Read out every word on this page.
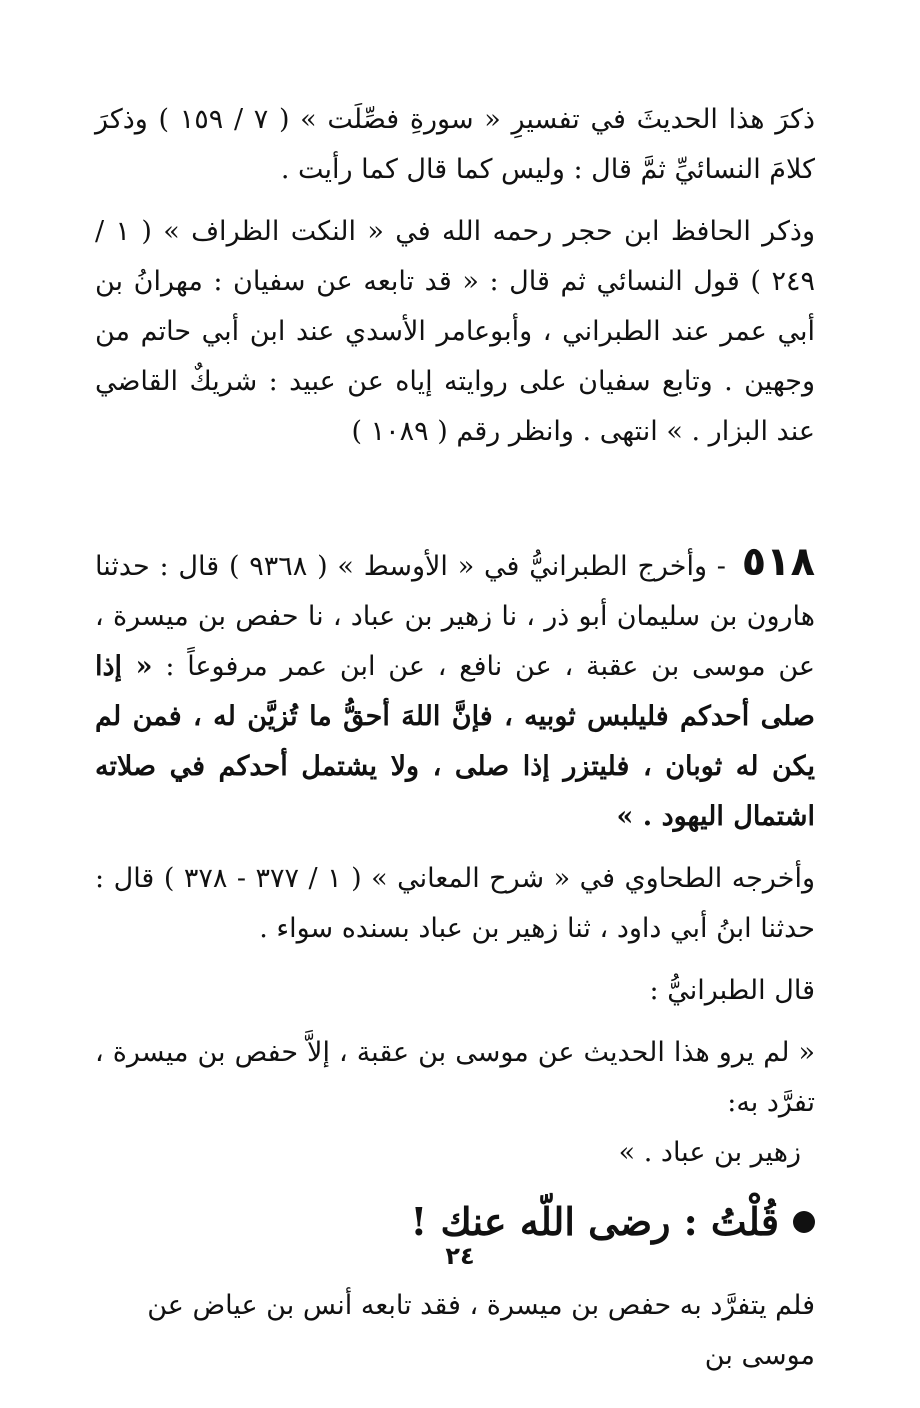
ذكرَ هذا الحديثَ في تفسيرِ « سورةِ فصِّلَت » ( ٧ / ١٥٩ ) وذكرَ كلامَ النسائيِّ ثمَّ قال : وليس كما قال كما رأيت .

وذكر الحافظ ابن حجر رحمه الله في « النكت الظراف » ( ١ / ٢٤٩ ) قول النسائي ثم قال : « قد تابعه عن سفيان : مهرانُ بن أبي عمر عند الطبراني ، وأبوعامر الأسدي عند ابن أبي حاتم من وجهين . وتابع سفيان على روايته إياه عن عبيد : شريكٌ القاضي عند البزار . » انتهى . وانظر رقم ( ١٠٨٩ )

٥١٨ - وأخرج الطبرانيُّ في « الأوسط » ( ٩٣٦٨ ) قال : حدثنا هارون بن سليمان أبو ذر ، نا زهير بن عباد ، نا حفص بن ميسرة ، عن موسى بن عقبة ، عن نافع ، عن ابن عمر مرفوعاً : « إذا صلى أحدكم فليلبس ثوبيه ، فإنَّ اللهَ أحقُّ ما تُزيَّن له ، فمن لم يكن له ثوبان ، فليتزر إذا صلى ، ولا يشتمل أحدكم في صلاته اشتمال اليهود . »

وأخرجه الطحاوي في « شرح المعاني » ( ١ / ٣٧٧ - ٣٧٨ ) قال : حدثنا ابنُ أبي داود ، ثنا زهير بن عباد بسنده سواء .

قال الطبرانيُّ :

« لم يرو هذا الحديث عن موسى بن عقبة ، إلاَّ حفص بن ميسرة ، تفرَّد به:
زهير بن عباد . »

قُلْتُ : رضى اللّه عنك !

فلم يتفرَّد به حفص بن ميسرة ، فقد تابعه أنس بن عياض عن موسى بن

٢٤
